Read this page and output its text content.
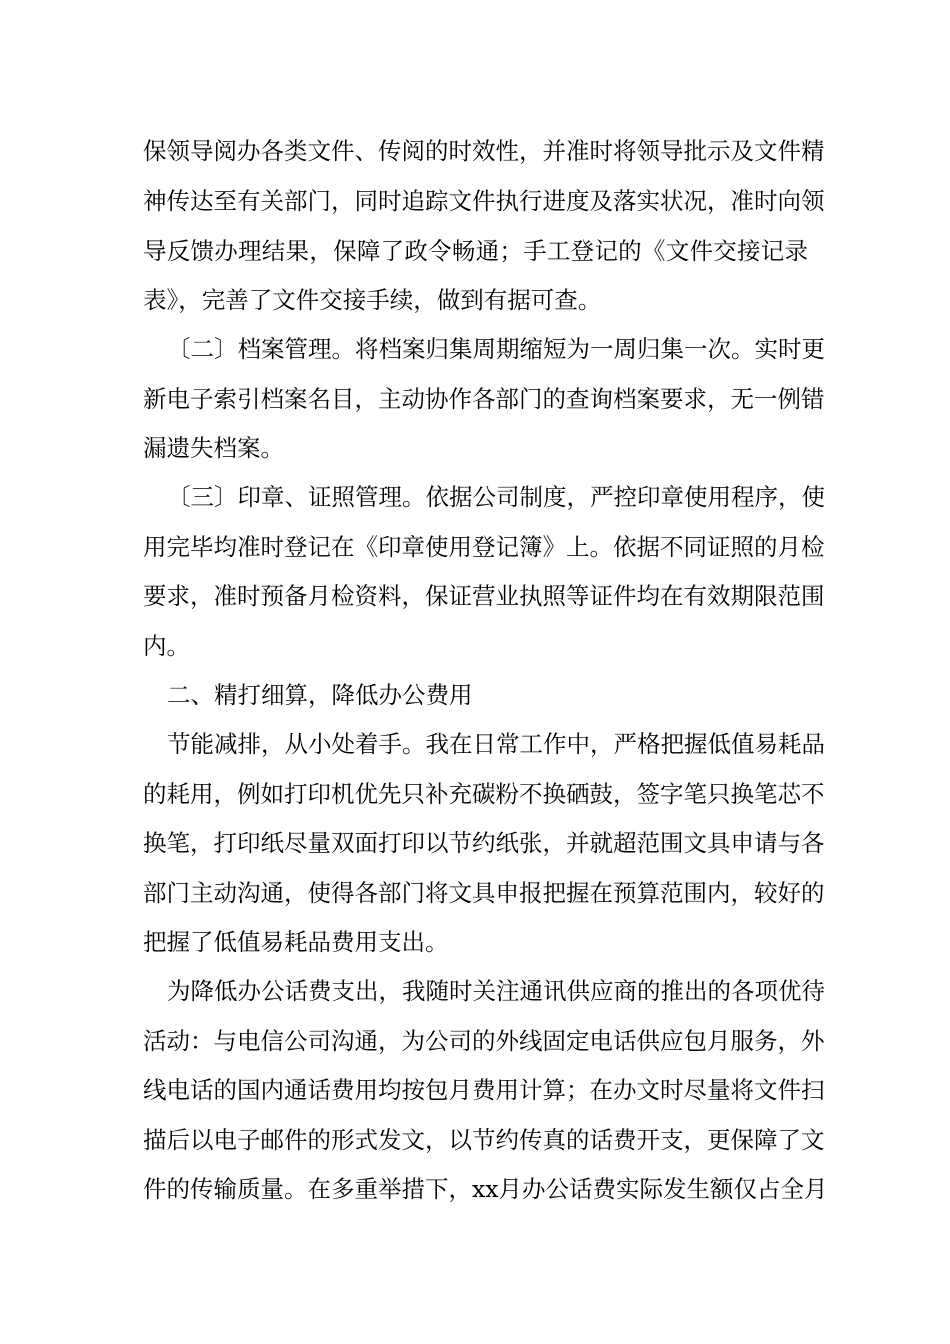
保领导阅办各类文件、传阅的时效性，并准时将领导批示及文件精
神传达至有关部门，同时追踪文件执行进度及落实状况，准时向领
导反馈办理结果，保障了政令畅通；手工登记的《文件交接记录
表》，完善了文件交接手续，做到有据可查。
〔二〕档案管理。将档案归集周期缩短为一周归集一次。实时更
新电子索引档案名目，主动协作各部门的查询档案要求，无一例错
漏遗失档案。
〔三〕印章、证照管理。依据公司制度，严控印章使用程序，使
用完毕均准时登记在《印章使用登记簿》上。依据不同证照的月检
要求，准时预备月检资料，保证营业执照等证件均在有效期限范围
内。
二、精打细算，降低办公费用
节能减排，从小处着手。我在日常工作中，严格把握低值易耗品
的耗用，例如打印机优先只补充碳粉不换硒鼓，签字笔只换笔芯不
换笔，打印纸尽量双面打印以节约纸张，并就超范围文具申请与各
部门主动沟通，使得各部门将文具申报把握在预算范围内，较好的
把握了低值易耗品费用支出。
为降低办公话费支出，我随时关注通讯供应商的推出的各项优待
活动：与电信公司沟通，为公司的外线固定电话供应包月服务，外
线电话的国内通话费用均按包月费用计算；在办文时尽量将文件扫
描后以电子邮件的形式发文，以节约传真的话费开支，更保障了文
件的传输质量。在多重举措下，xx月办公话费实际发生额仅占全月
